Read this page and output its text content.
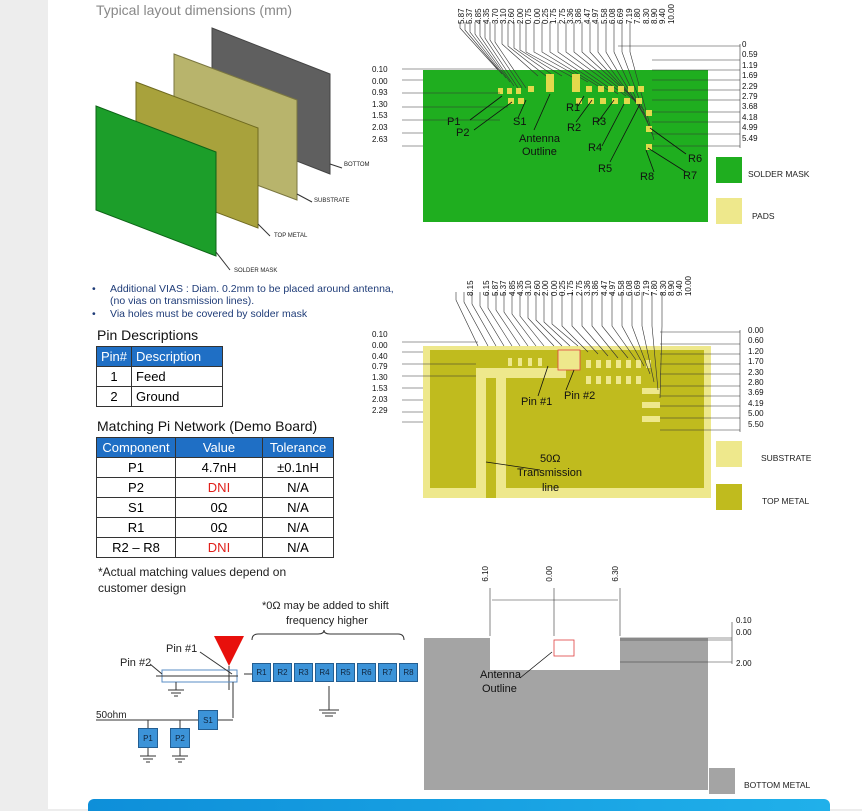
Typical layout dimensions (mm)
BOTTOM
SUBSTRATE
TOP METAL
SOLDER MASK
• Additional VIAS : Diam. 0.2mm to be placed around antenna,
(no vias on transmission lines).
• Via holes must be covered by solder mask
Pin Descriptions
Pin#	Description
1	Feed
2	Ground
Matching Pi Network (Demo Board)
Component	Value	Tolerance
P1	4.7nH	±0.1nH
P2	DNI	N/A
S1	0Ω	N/A
R1	0Ω	N/A
R2 – R8	DNI	N/A
*Actual matching values depend on
customer design
*0Ω may be added to shift
frequency higher
Pin #1
Pin #2
50ohm
R1	R2	R3	R4	R5	R6	R7	R8
S1
P1	P2
5.87 5.37 4.85 4.35 3.70 3.10 2.60 2.00 0.75 0.00 0.25 1.75 2.75 3.36 3.86 4.47 4.97 5.58 6.08 6.69 7.19 7.80 8.30 8.90 9.40 10.00
0.10
0.00
0.93
1.30
1.53
2.03
2.63
0
0.59
1.19
1.69
2.29
2.79
3.68
4.18
4.99
5.49
P1
P2
S1
Antenna
Outline
R1
R2 R3
R4
R5
R6
R7
R8	SOLDER MASK
PADS
8.15 6.15 5.87 5.37 4.85 4.35 3.10 2.60 2.00 0.00 0.25 1.75 2.75 3.36 3.86 4.47 4.97 5.58 6.08 6.69 7.19 7.80 8.30 8.90 9.40 10.00
0.10
0.00
0.40
0.79
1.30
1.53
2.03
2.29
0.00
0.60
1.20
1.70
2.30
2.80
3.69
4.19
5.00
5.50
Pin #1 Pin #2
50Ω
Transmission
line
SUBSTRATE
TOP METAL
6.10	0.00	6.30
0.10
0.00
2.00
Antenna
Outline
BOTTOM METAL
